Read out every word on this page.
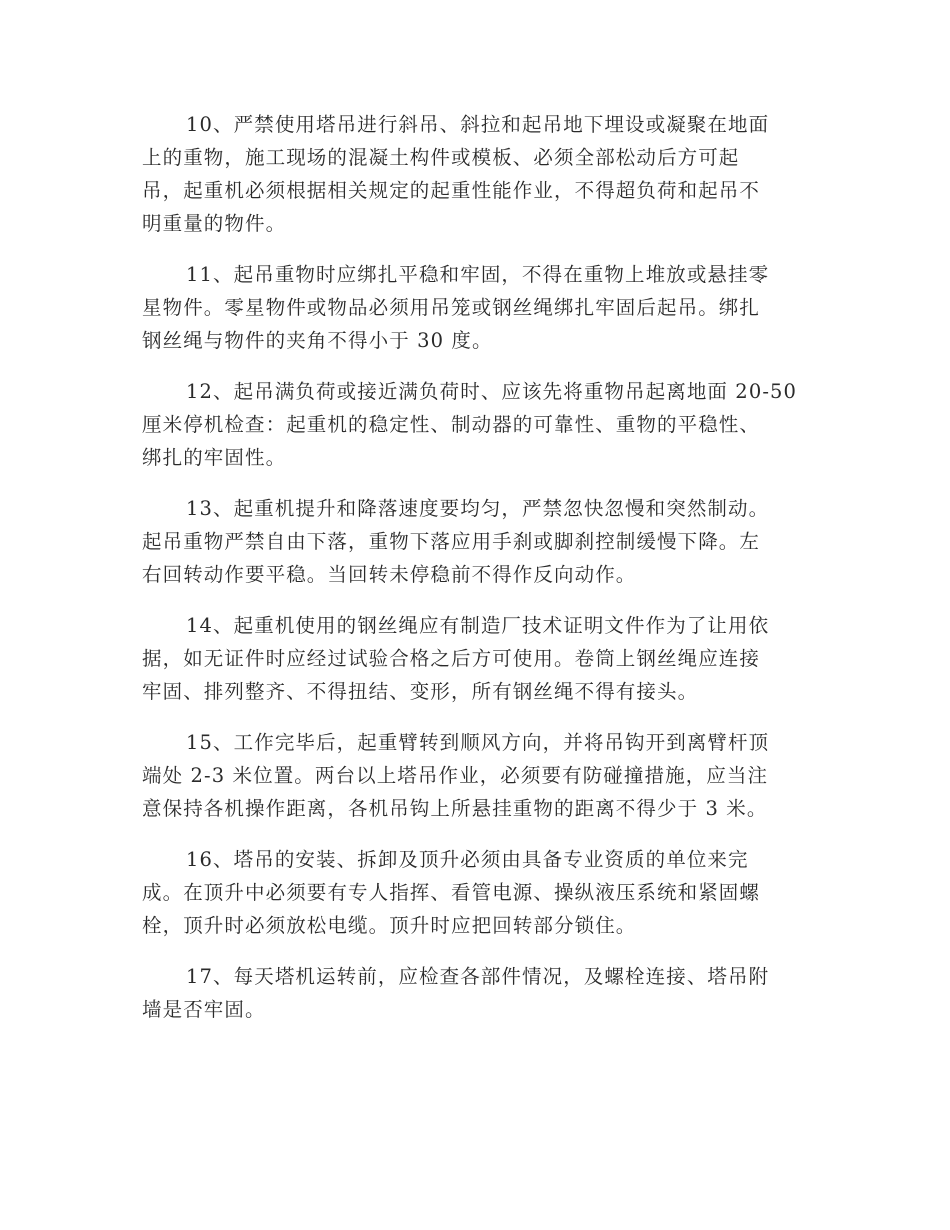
10、严禁使用塔吊进行斜吊、斜拉和起吊地下埋设或凝聚在地面
上的重物，施工现场的混凝土构件或模板、必须全部松动后方可起
吊，起重机必须根据相关规定的起重性能作业，不得超负荷和起吊不
明重量的物件。

11、起吊重物时应绑扎平稳和牢固，不得在重物上堆放或悬挂零
星物件。零星物件或物品必须用吊笼或钢丝绳绑扎牢固后起吊。绑扎
钢丝绳与物件的夹角不得小于 30 度。

12、起吊满负荷或接近满负荷时、应该先将重物吊起离地面 20-50
厘米停机检查：起重机的稳定性、制动器的可靠性、重物的平稳性、
绑扎的牢固性。

13、起重机提升和降落速度要均匀，严禁忽快忽慢和突然制动。
起吊重物严禁自由下落，重物下落应用手刹或脚刹控制缓慢下降。左
右回转动作要平稳。当回转未停稳前不得作反向动作。

14、起重机使用的钢丝绳应有制造厂技术证明文件作为了让用依
据，如无证件时应经过试验合格之后方可使用。卷筒上钢丝绳应连接
牢固、排列整齐、不得扭结、变形，所有钢丝绳不得有接头。

15、工作完毕后，起重臂转到顺风方向，并将吊钩开到离臂杆顶
端处 2-3 米位置。两台以上塔吊作业，必须要有防碰撞措施，应当注
意保持各机操作距离，各机吊钩上所悬挂重物的距离不得少于 3 米。

16、塔吊的安装、拆卸及顶升必须由具备专业资质的单位来完
成。在顶升中必须要有专人指挥、看管电源、操纵液压系统和紧固螺
栓，顶升时必须放松电缆。顶升时应把回转部分锁住。

17、每天塔机运转前，应检查各部件情况，及螺栓连接、塔吊附
墙是否牢固。
